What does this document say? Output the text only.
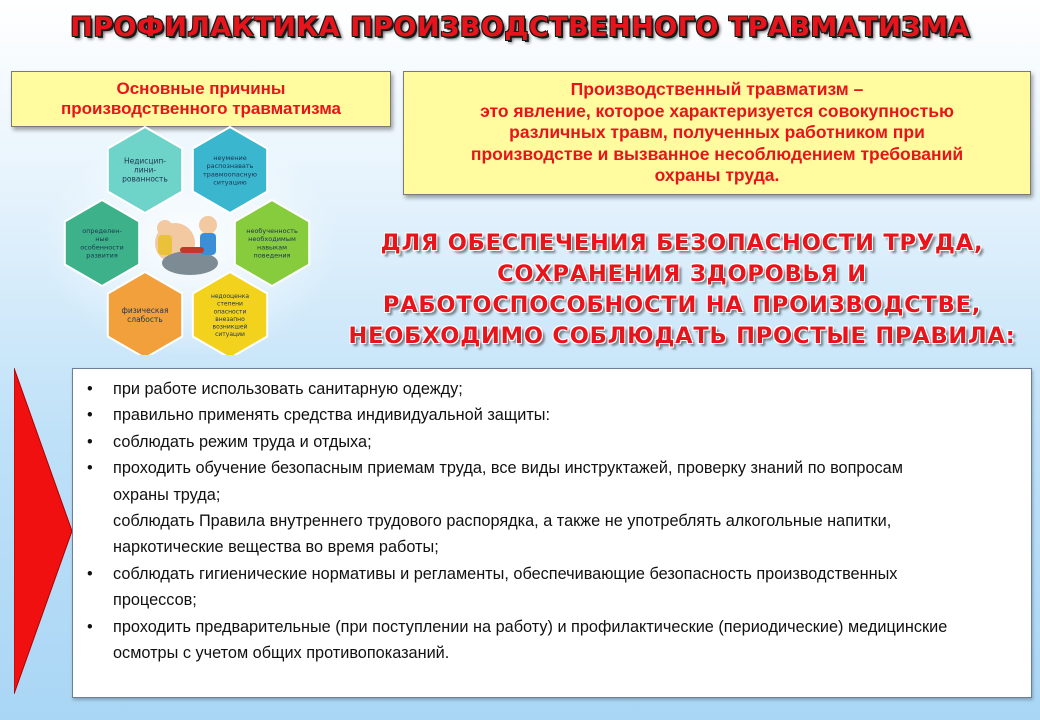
ПРОФИЛАКТИКА ПРОИЗВОДСТВЕННОГО ТРАВМАТИЗМА
Основные причины
производственного травматизма
Производственный травматизм –
это явление, которое характеризуется совокупностью
различных травм, полученных работником при
производстве и вызванное несоблюдением требований
охраны труда.
Недисцип-лини-рованность
неумение распознавать травмоопасную ситуацию
необученность необходимым навыкам поведения
недооценка степени опасности внезапно возникшей ситуации
физическая слабость
определен-ные особенности развития	ДЛЯ ОБЕСПЕЧЕНИЯ БЕЗОПАСНОСТИ ТРУДА,
СОХРАНЕНИЯ ЗДОРОВЬЯ И
РАБОТОСПОСОБНОСТИ НА ПРОИЗВОДСТВЕ,
НЕОБХОДИМО СОБЛЮДАТЬ ПРОСТЫЕ ПРАВИЛА:
• при работе использовать санитарную одежду;
• правильно применять средства индивидуальной защиты:
• соблюдать режим труда и отдыха;
• проходить обучение безопасным приемам труда, все виды инструктажей, проверку знаний по вопросам
охраны труда;
соблюдать Правила внутреннего трудового распорядка, а также не употреблять алкогольные напитки,
наркотические вещества во время работы;
• соблюдать гигиенические нормативы и регламенты, обеспечивающие безопасность производственных
процессов;
• проходить предварительные (при поступлении на работу) и профилактические (периодические) медицинские
осмотры с учетом общих противопоказаний.
